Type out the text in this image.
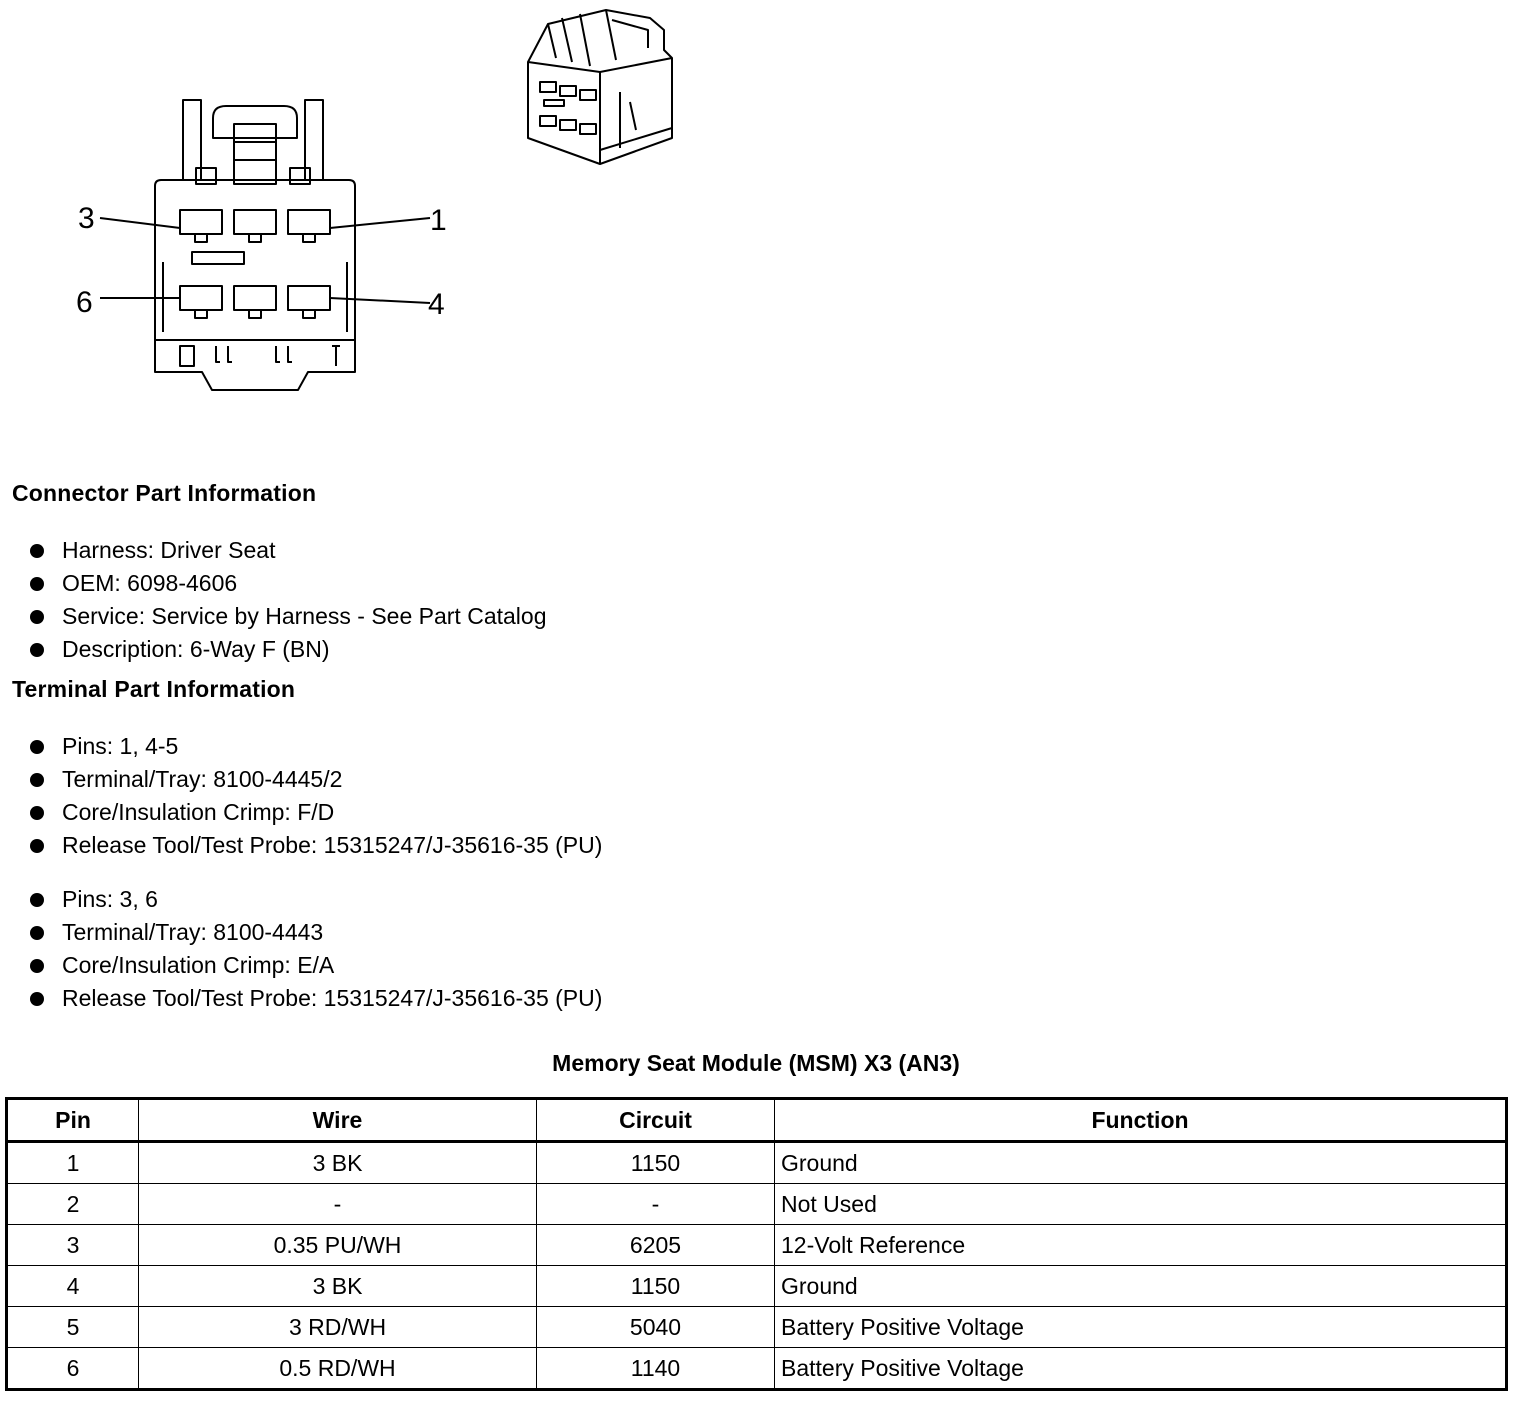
3	1
6	4
Connector Part Information
Harness: Driver Seat
OEM: 6098-4606
Service: Service by Harness - See Part Catalog
Description: 6-Way F (BN)
Terminal Part Information
Pins: 1, 4-5
Terminal/Tray: 8100-4445/2
Core/Insulation Crimp: F/D
Release Tool/Test Probe: 15315247/J-35616-35 (PU)
Pins: 3, 6
Terminal/Tray: 8100-4443
Core/Insulation Crimp: E/A
Release Tool/Test Probe: 15315247/J-35616-35 (PU)
Memory Seat Module (MSM) X3 (AN3)
Pin	Wire	Circuit	Function
1	3 BK	1150	Ground
2	-	-	Not Used
3	0.35 PU/WH	6205	12-Volt Reference
4	3 BK	1150	Ground
5	3 RD/WH	5040	Battery Positive Voltage
6	0.5 RD/WH	1140	Battery Positive Voltage
